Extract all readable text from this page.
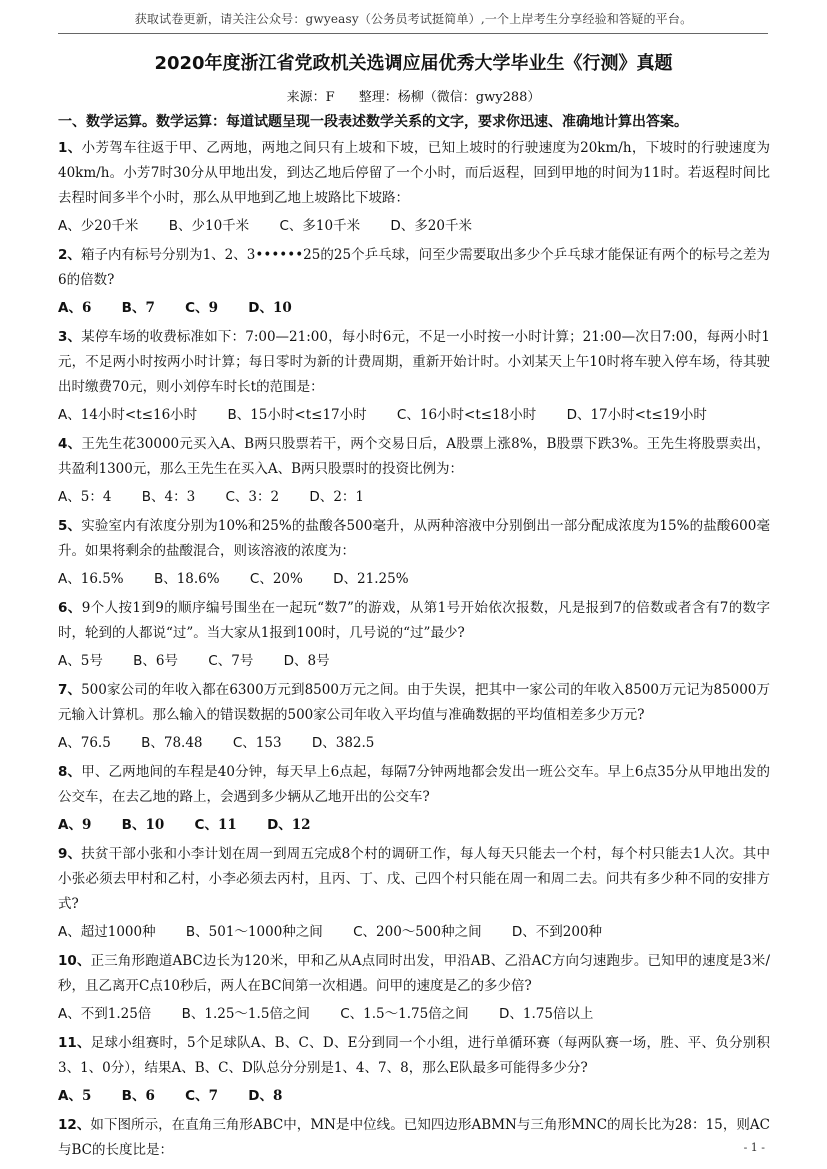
获取试卷更新，请关注公众号：gwyeasy（公务员考试挺简单）,一个上岸考生分享经验和答疑的平台。
2020年度浙江省党政机关选调应届优秀大学毕业生《行测》真题
来源：F 整理：杨柳（微信：gwy288）

一、数学运算。数学运算：每道试题呈现一段表述数学关系的文字，要求你迅速、准确地计算出答案。

1、小芳驾车往返于甲、乙两地，两地之间只有上坡和下坡，已知上坡时的行驶速度为20km/h，下坡时的行驶速度为40km/h。小芳7时30分从甲地出发，到达乙地后停留了一个小时，而后返程，回到甲地的时间为11时。若返程时间比去程时间多半个小时，那么从甲地到乙地上坡路比下坡路：

A、少20千米 B、少10千米 C、多10千米 D、多20千米

2、箱子内有标号分别为1、2、3••••••25的25个乒乓球，问至少需要取出多少个乒乓球才能保证有两个的标号之差为6的倍数?

A、6 B、7 C、9 D、10

3、某停车场的收费标准如下：7:00—21:00，每小时6元，不足一小时按一小时计算；21:00—次日7:00，每两小时1元，不足两小时按两小时计算；每日零时为新的计费周期，重新开始计时。小刘某天上午10时将车驶入停车场，待其驶出时缴费70元，则小刘停车时长t的范围是：

A、14小时<t≤16小时 B、15小时<t≤17小时 C、16小时<t≤18小时 D、17小时<t≤19小时

4、王先生花30000元买入A、B两只股票若干，两个交易日后，A股票上涨8%，B股票下跌3%。王先生将股票卖出，共盈利1300元，那么王先生在买入A、B两只股票时的投资比例为：

A、5：4 B、4：3 C、3：2 D、2：1

5、实验室内有浓度分别为10%和25%的盐酸各500毫升，从两种溶液中分别倒出一部分配成浓度为15%的盐酸600毫升。如果将剩余的盐酸混合，则该溶液的浓度为：

A、16.5% B、18.6% C、20% D、21.25%

6、9个人按1到9的顺序编号围坐在一起玩“数7”的游戏，从第1号开始依次报数，凡是报到7的倍数或者含有7的数字时，轮到的人都说“过”。当大家从1报到100时，几号说的“过”最少?

A、5号 B、6号 C、7号 D、8号

7、500家公司的年收入都在6300万元到8500万元之间。由于失误，把其中一家公司的年收入8500万元记为85000万元输入计算机。那么输入的错误数据的500家公司年收入平均值与准确数据的平均值相差多少万元?

A、76.5 B、78.48 C、153 D、382.5

8、甲、乙两地间的车程是40分钟，每天早上6点起，每隔7分钟两地都会发出一班公交车。早上6点35分从甲地出发的公交车，在去乙地的路上，会遇到多少辆从乙地开出的公交车?

A、9 B、10 C、11 D、12

9、扶贫干部小张和小李计划在周一到周五完成8个村的调研工作，每人每天只能去一个村，每个村只能去1人次。其中小张必须去甲村和乙村，小李必须去丙村，且丙、丁、戊、己四个村只能在周一和周二去。问共有多少种不同的安排方式?

A、超过1000种 B、501～1000种之间 C、200～500种之间 D、不到200种

10、正三角形跑道ABC边长为120米，甲和乙从A点同时出发，甲沿AB、乙沿AC方向匀速跑步。已知甲的速度是3米/秒，且乙离开C点10秒后，两人在BC间第一次相遇。问甲的速度是乙的多少倍?

A、不到1.25倍 B、1.25～1.5倍之间 C、1.5～1.75倍之间 D、1.75倍以上

11、足球小组赛时，5个足球队A、B、C、D、E分到同一个小组，进行单循环赛（每两队赛一场，胜、平、负分别积3、1、0分），结果A、B、C、D队总分分别是1、4、7、8，那么E队最多可能得多少分?

A、5 B、6 C、7 D、8

12、如下图所示，在直角三角形ABC中，MN是中位线。已知四边形ABMN与三角形MNC的周长比为28：15，则AC与BC的长度比是：	- 1 -
